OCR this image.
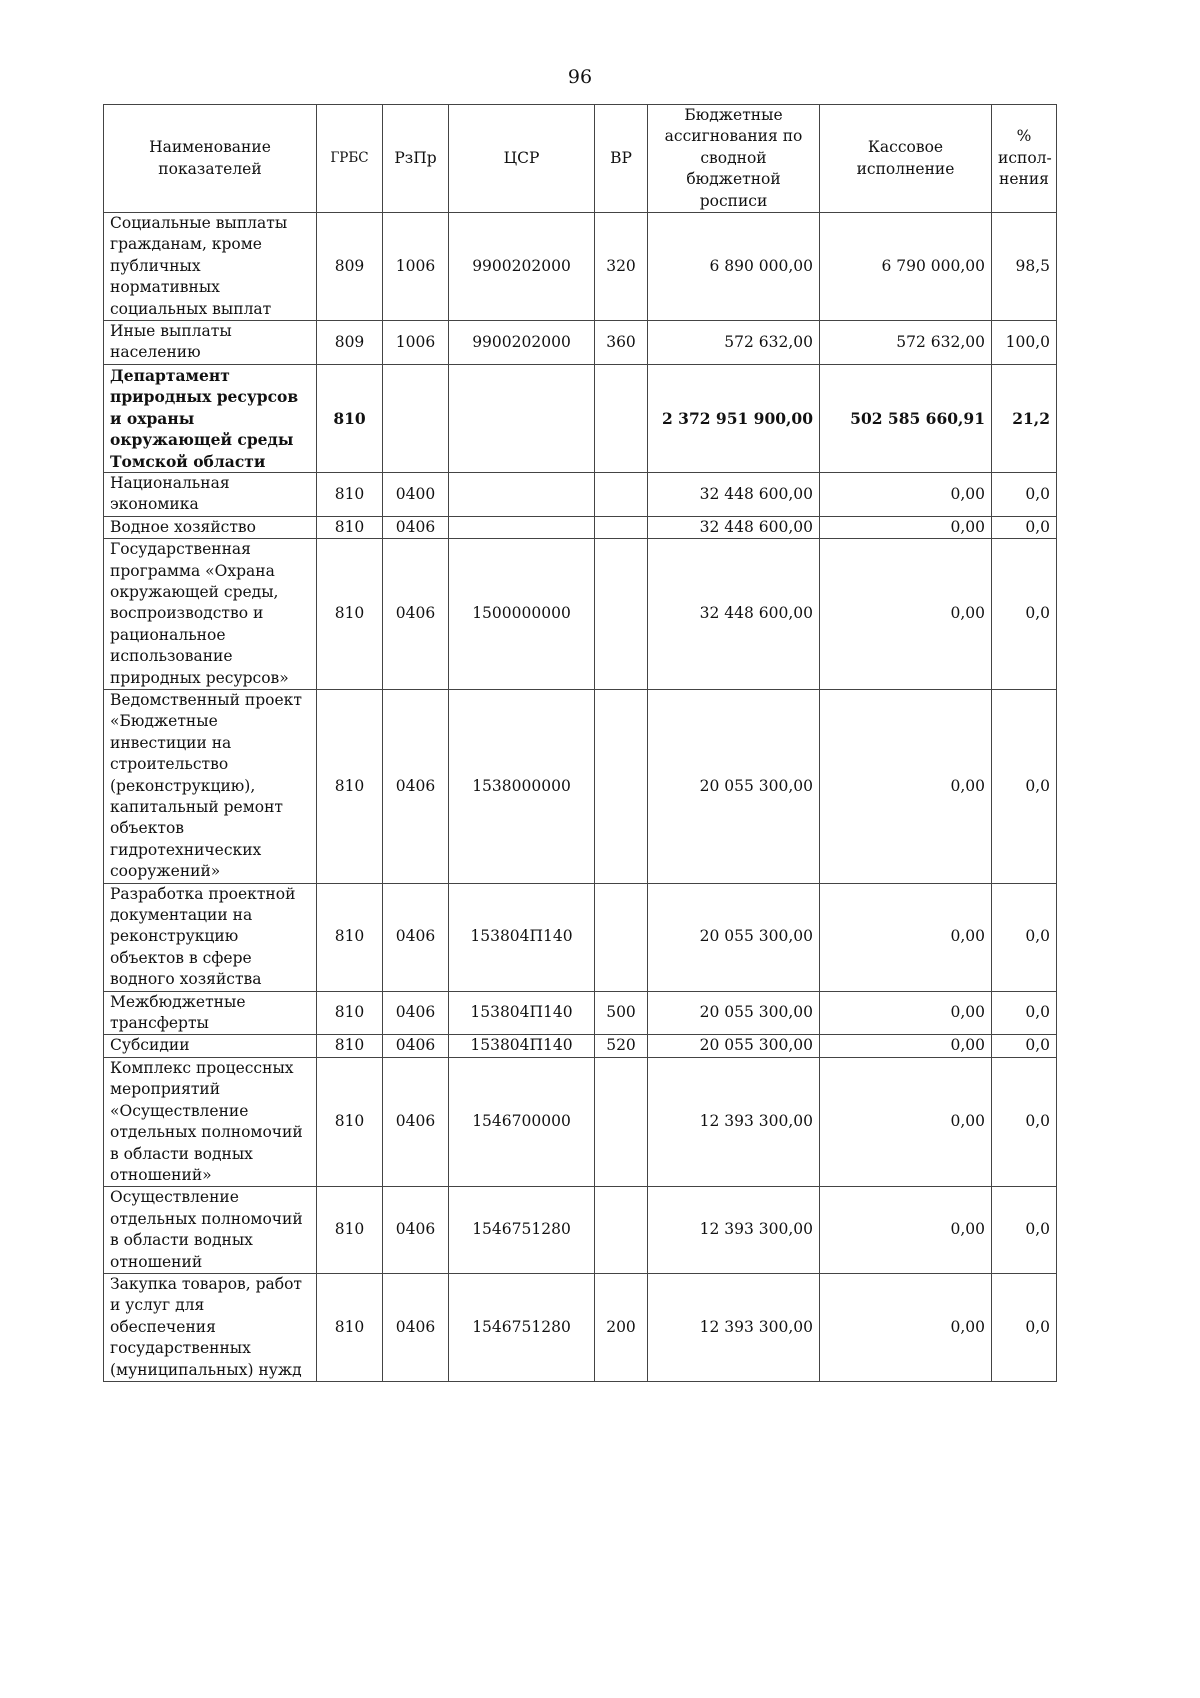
96
Наименование показателей	ГРБС	РзПр	ЦСР	ВР	Бюджетные ассигнования по сводной бюджетной росписи	Кассовое исполнение	% испол-нения

Социальные выплаты гражданам, кроме публичных нормативных социальных выплат	809	1006	9900202000	320	6 890 000,00	6 790 000,00	98,5
Иные выплаты населению	809	1006	9900202000	360	572 632,00	572 632,00	100,0
Департамент природных ресурсов и охраны окружающей среды Томской области	810				2 372 951 900,00	502 585 660,91	21,2
Национальная экономика	810	0400			32 448 600,00	0,00	0,0
Водное хозяйство	810	0406			32 448 600,00	0,00	0,0
Государственная программа «Охрана окружающей среды, воспроизводство и рациональное использование природных ресурсов»	810	0406	1500000000		32 448 600,00	0,00	0,0
Ведомственный проект «Бюджетные инвестиции на строительство (реконструкцию), капитальный ремонт объектов гидротехнических сооружений»	810	0406	1538000000		20 055 300,00	0,00	0,0
Разработка проектной документации на реконструкцию объектов в сфере водного хозяйства	810	0406	153804П140		20 055 300,00	0,00	0,0
Межбюджетные трансферты	810	0406	153804П140	500	20 055 300,00	0,00	0,0
Субсидии	810	0406	153804П140	520	20 055 300,00	0,00	0,0
Комплекс процессных мероприятий «Осуществление отдельных полномочий в области водных отношений»	810	0406	1546700000		12 393 300,00	0,00	0,0
Осуществление отдельных полномочий в области водных отношений	810	0406	1546751280		12 393 300,00	0,00	0,0
Закупка товаров, работ и услуг для обеспечения государственных (муниципальных) нужд	810	0406	1546751280	200	12 393 300,00	0,00	0,0
